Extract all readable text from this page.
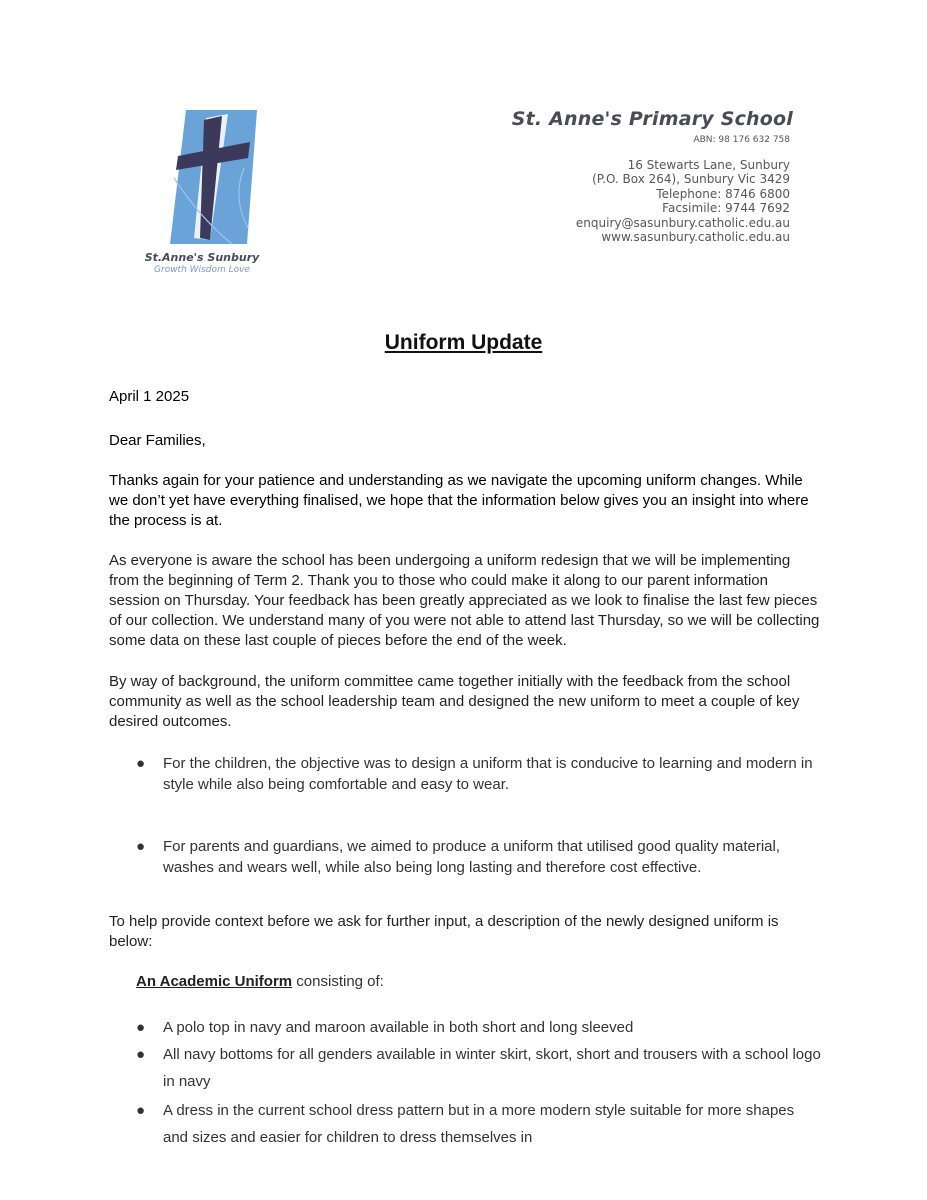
St.Anne's Sunbury
Growth Wisdom Love
St. Anne's Primary School
ABN: 98 176 632 758
16 Stewarts Lane, Sunbury
(P.O. Box 264), Sunbury Vic 3429
Telephone: 8746 6800
Facsimile: 9744 7692
enquiry@sasunbury.catholic.edu.au
www.sasunbury.catholic.edu.au
Uniform Update
April 1 2025
Dear Families,
Thanks again for your patience and understanding as we navigate the upcoming uniform changes. While we don’t yet have everything finalised, we hope that the information below gives you an insight into where the process is at.
As everyone is aware the school has been undergoing a uniform redesign that we will be implementing from the beginning of Term 2. Thank you to those who could make it along to our parent information session on Thursday. Your feedback has been greatly appreciated as we look to finalise the last few pieces of our collection. We understand many of you were not able to attend last Thursday, so we will be collecting some data on these last couple of pieces before the end of the week.
By way of background, the uniform committee came together initially with the feedback from the school community as well as the school leadership team and designed the new uniform to meet a couple of key desired outcomes.
● For the children, the objective was to design a uniform that is conducive to learning and modern in style while also being comfortable and easy to wear.
● For parents and guardians, we aimed to produce a uniform that utilised good quality material, washes and wears well, while also being long lasting and therefore cost effective.
To help provide context before we ask for further input, a description of the newly designed uniform is below:
An Academic Uniform consisting of:
● A polo top in navy and maroon available in both short and long sleeved
● All navy bottoms for all genders available in winter skirt, skort, short and trousers with a school logo in navy
● A dress in the current school dress pattern but in a more modern style suitable for more shapes and sizes and easier for children to dress themselves in
